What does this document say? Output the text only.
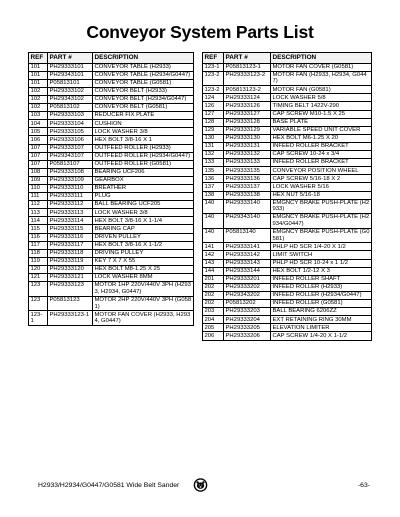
Conveyor System Parts List
REF	PART #	DESCRIPTION
101	PH29333101	CONVEYOR TABLE (H2933)
101	PH29343101	CONVEYOR TABLE (H2934/G0447)
101	P05813101	CONVEYOR TABLE (G0581)
102	PH29333102	CONVEYOR BELT (H2933)
102	PH29343102	CONVEYOR BELT (H2934/G0447)
102	P05813102	CONVEYOR BELT (G0581)
103	PH29333103	REDUCER FIX PLATE
104	PH29333104	CUSHION
105	PH29333105	LOCK WASHER 3/8
106	PH29333106	HEX BOLT 3/8-16 X 1
107	PH29333107	OUTFEED ROLLER (H2933)
107	PH29343107	OUTFEED ROLLER (H2934/G0447)
107	P05813107	OUTFEED ROLLER (G0581)
108	PH29333108	BEARING UCF206
109	PH29333109	GEARBOX
110	PH29333110	BREATHER
111	PH29333111	PLUG
112	PH29333112	BALL BEARING UCF205
113	PH29333113	LOCK WASHER 3/8
114	PH29333114	HEX BOLT 3/8-16 X 1-1/4
115	PH29333115	BEARING CAP
116	PH29333116	DRIVEN PULLEY
117	PH29333117	HEX BOLT 3/8-16 X 1-1/2
118	PH29333118	DRIVING PULLEY
119	PH29333119	KEY 7 X 7 X 55
120	PH29333120	HEX BOLT M8-1.25 X 25
121	PH29333121	LOCK WASHER 8MM
123	PH29333123	MOTOR 1HP 220V/440V 3PH (H2933, H2934, G0447)
123	P05813123	MOTOR 2HP 220V/440V 3PH (G0581)
123-1	PH29333123-1	MOTOR FAN COVER (H2933, H2934, G0447)
REF	PART #	DESCRIPTION
123-1	P05813123-1	MOTOR FAN COVER (G0581)
123-2	PH29333123-2	MOTOR FAN (H2933, H2934, G0447)
123-2	P05813123-2	MOTOR FAN (G0581)
124	PH29333124	LOCK WASHER 5/8
126	PH29333126	TIMING BELT 1422V-290
127	PH29333127	CAP SCREW M10-1.5 X 25
128	PH29333128	BASE PLATE
129	PH29333129	VARIABLE SPEED UNIT COVER
130	PH29333130	HEX BOLT M6-1.25 X 20
131	PH29333131	INFEED ROLLER BRACKET
132	PH29333132	CAP SCREW 10-24 x 3/4
133	PH29333133	INFEED ROLLER BRACKET
135	PH29333135	CONVEYOR POSITION WHEEL
136	PH29333136	CAP SCREW 5/16-18 X 2
137	PH29333137	LOCK WASHER 5/16
138	PH29333138	HEX NUT 5/16-18
140	PH29333140	EMGNCY BRAKE PUSH-PLATE (H2933)
140	PH29343140	EMGNCY BRAKE PUSH-PLATE (H2934/G0447)
140	P05813140	EMGNCY BRAKE PUSH-PLATE (G0581)
141	PH29333141	PHLP HD SCR 1/4-20 X 1/2
142	PH29333142	LIMIT SWITCH
143	PH29333143	PHLP HD SCR 10-24 x 1 1/2
144	PH29333144	HEX BOLT 1/2-12 X 3
201	PH29333201	INFEED ROLLER SHAFT
202	PH29333202	INFEED ROLLER (H2933)
202	PH29343202	INFEED ROLLER (H2934/G0447)
202	P05813202	INFEED ROLLER (G0581)
203	PH29333203	BALL BEARING 6206ZZ
204	PH29333204	EXT RETAINING RING 30MM
205	PH29333205	ELEVATION LIMITER
206	PH29333206	CAP SCREW 1/4-20 X 1-1/2
H2933/H2934/G0447/G0581 Wide Belt Sander	-63-
